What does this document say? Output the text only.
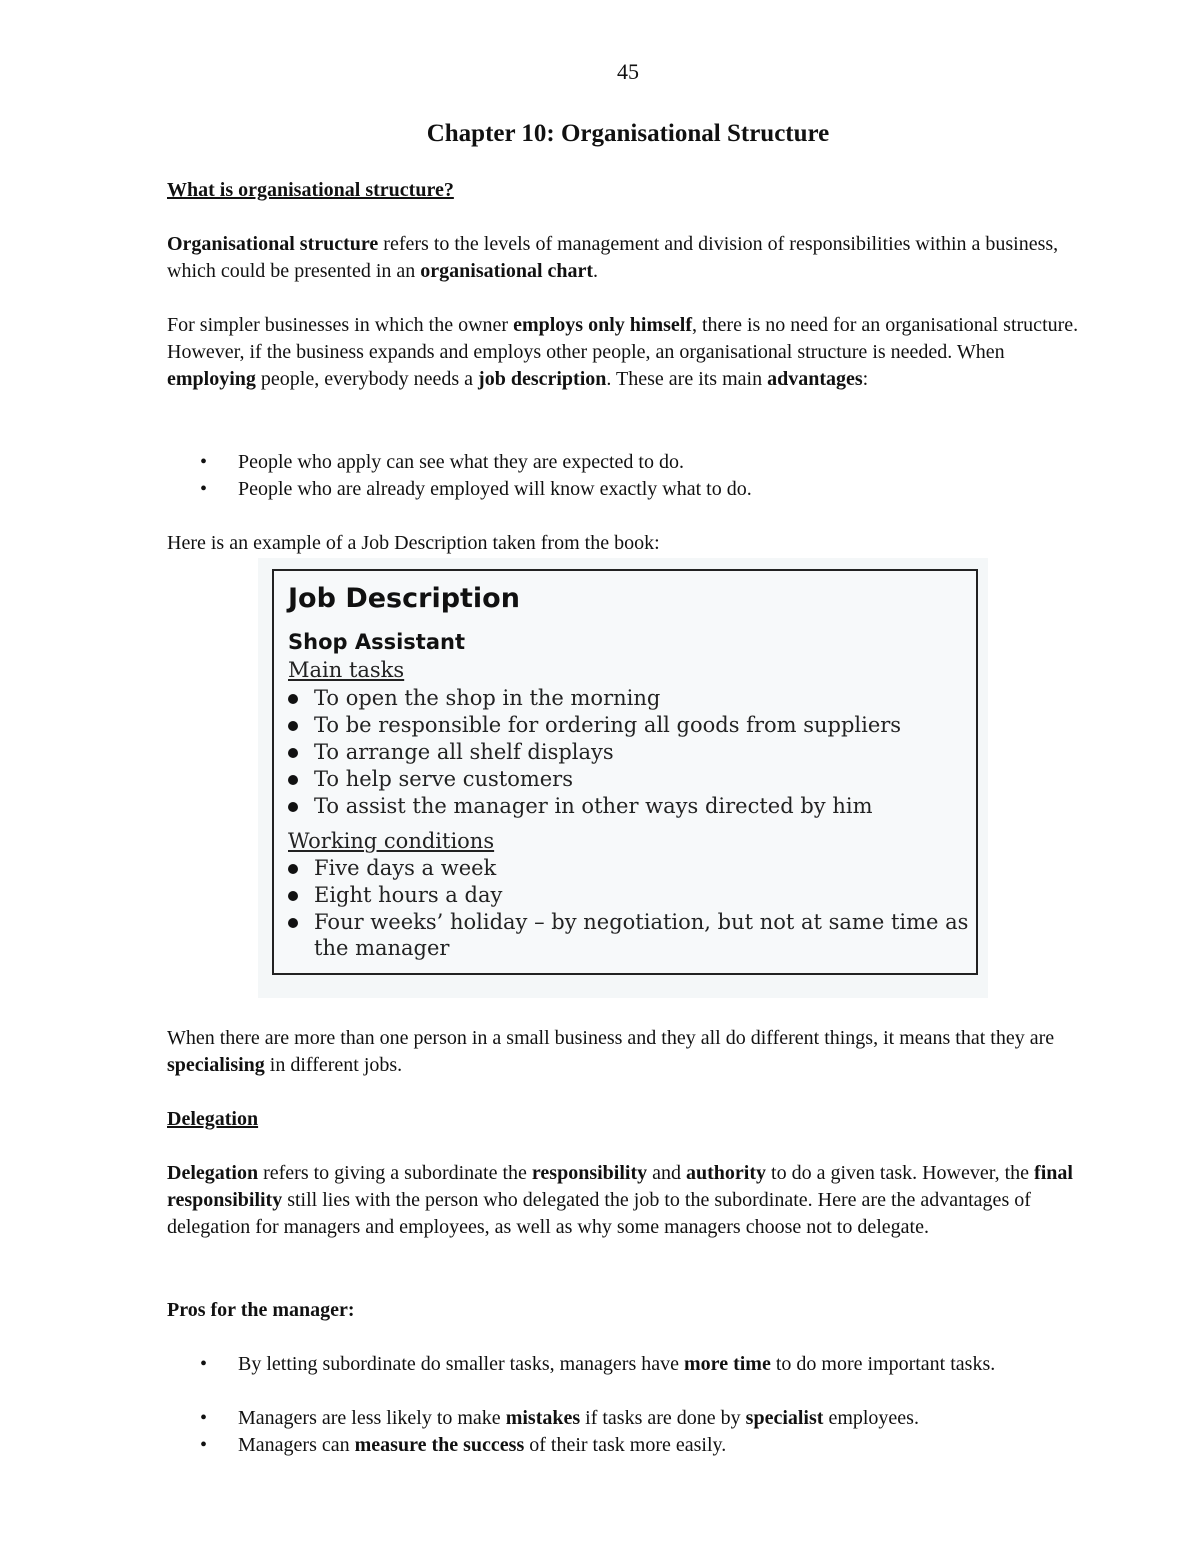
45
Chapter 10: Organisational Structure
What is organisational structure?

Organisational structure refers to the levels of management and division of responsibilities within a business, which could be presented in an organisational chart.

For simpler businesses in which the owner employs only himself, there is no need for an organisational structure. However, if the business expands and employs other people, an organisational structure is needed. When employing people, everybody needs a job description. These are its main advantages:

• People who apply can see what they are expected to do.
• People who are already employed will know exactly what to do.
Here is an example of a Job Description taken from the book:
Job Description
Shop Assistant
Main tasks
To open the shop in the morning
To be responsible for ordering all goods from suppliers
To arrange all shelf displays
To help serve customers
To assist the manager in other ways directed by him
Working conditions
Five days a week
Eight hours a day
Four weeks’ holiday – by negotiation, but not at same time as the manager

When there are more than one person in a small business and they all do different things, it means that they are specialising in different jobs.

Delegation

Delegation refers to giving a subordinate the responsibility and authority to do a given task. However, the final responsibility still lies with the person who delegated the job to the subordinate. Here are the advantages of delegation for managers and employees, as well as why some managers choose not to delegate.

Pros for the manager:
• By letting subordinate do smaller tasks, managers have more time to do more important tasks.
• Managers are less likely to make mistakes if tasks are done by specialist employees.
• Managers can measure the success of their task more easily.
